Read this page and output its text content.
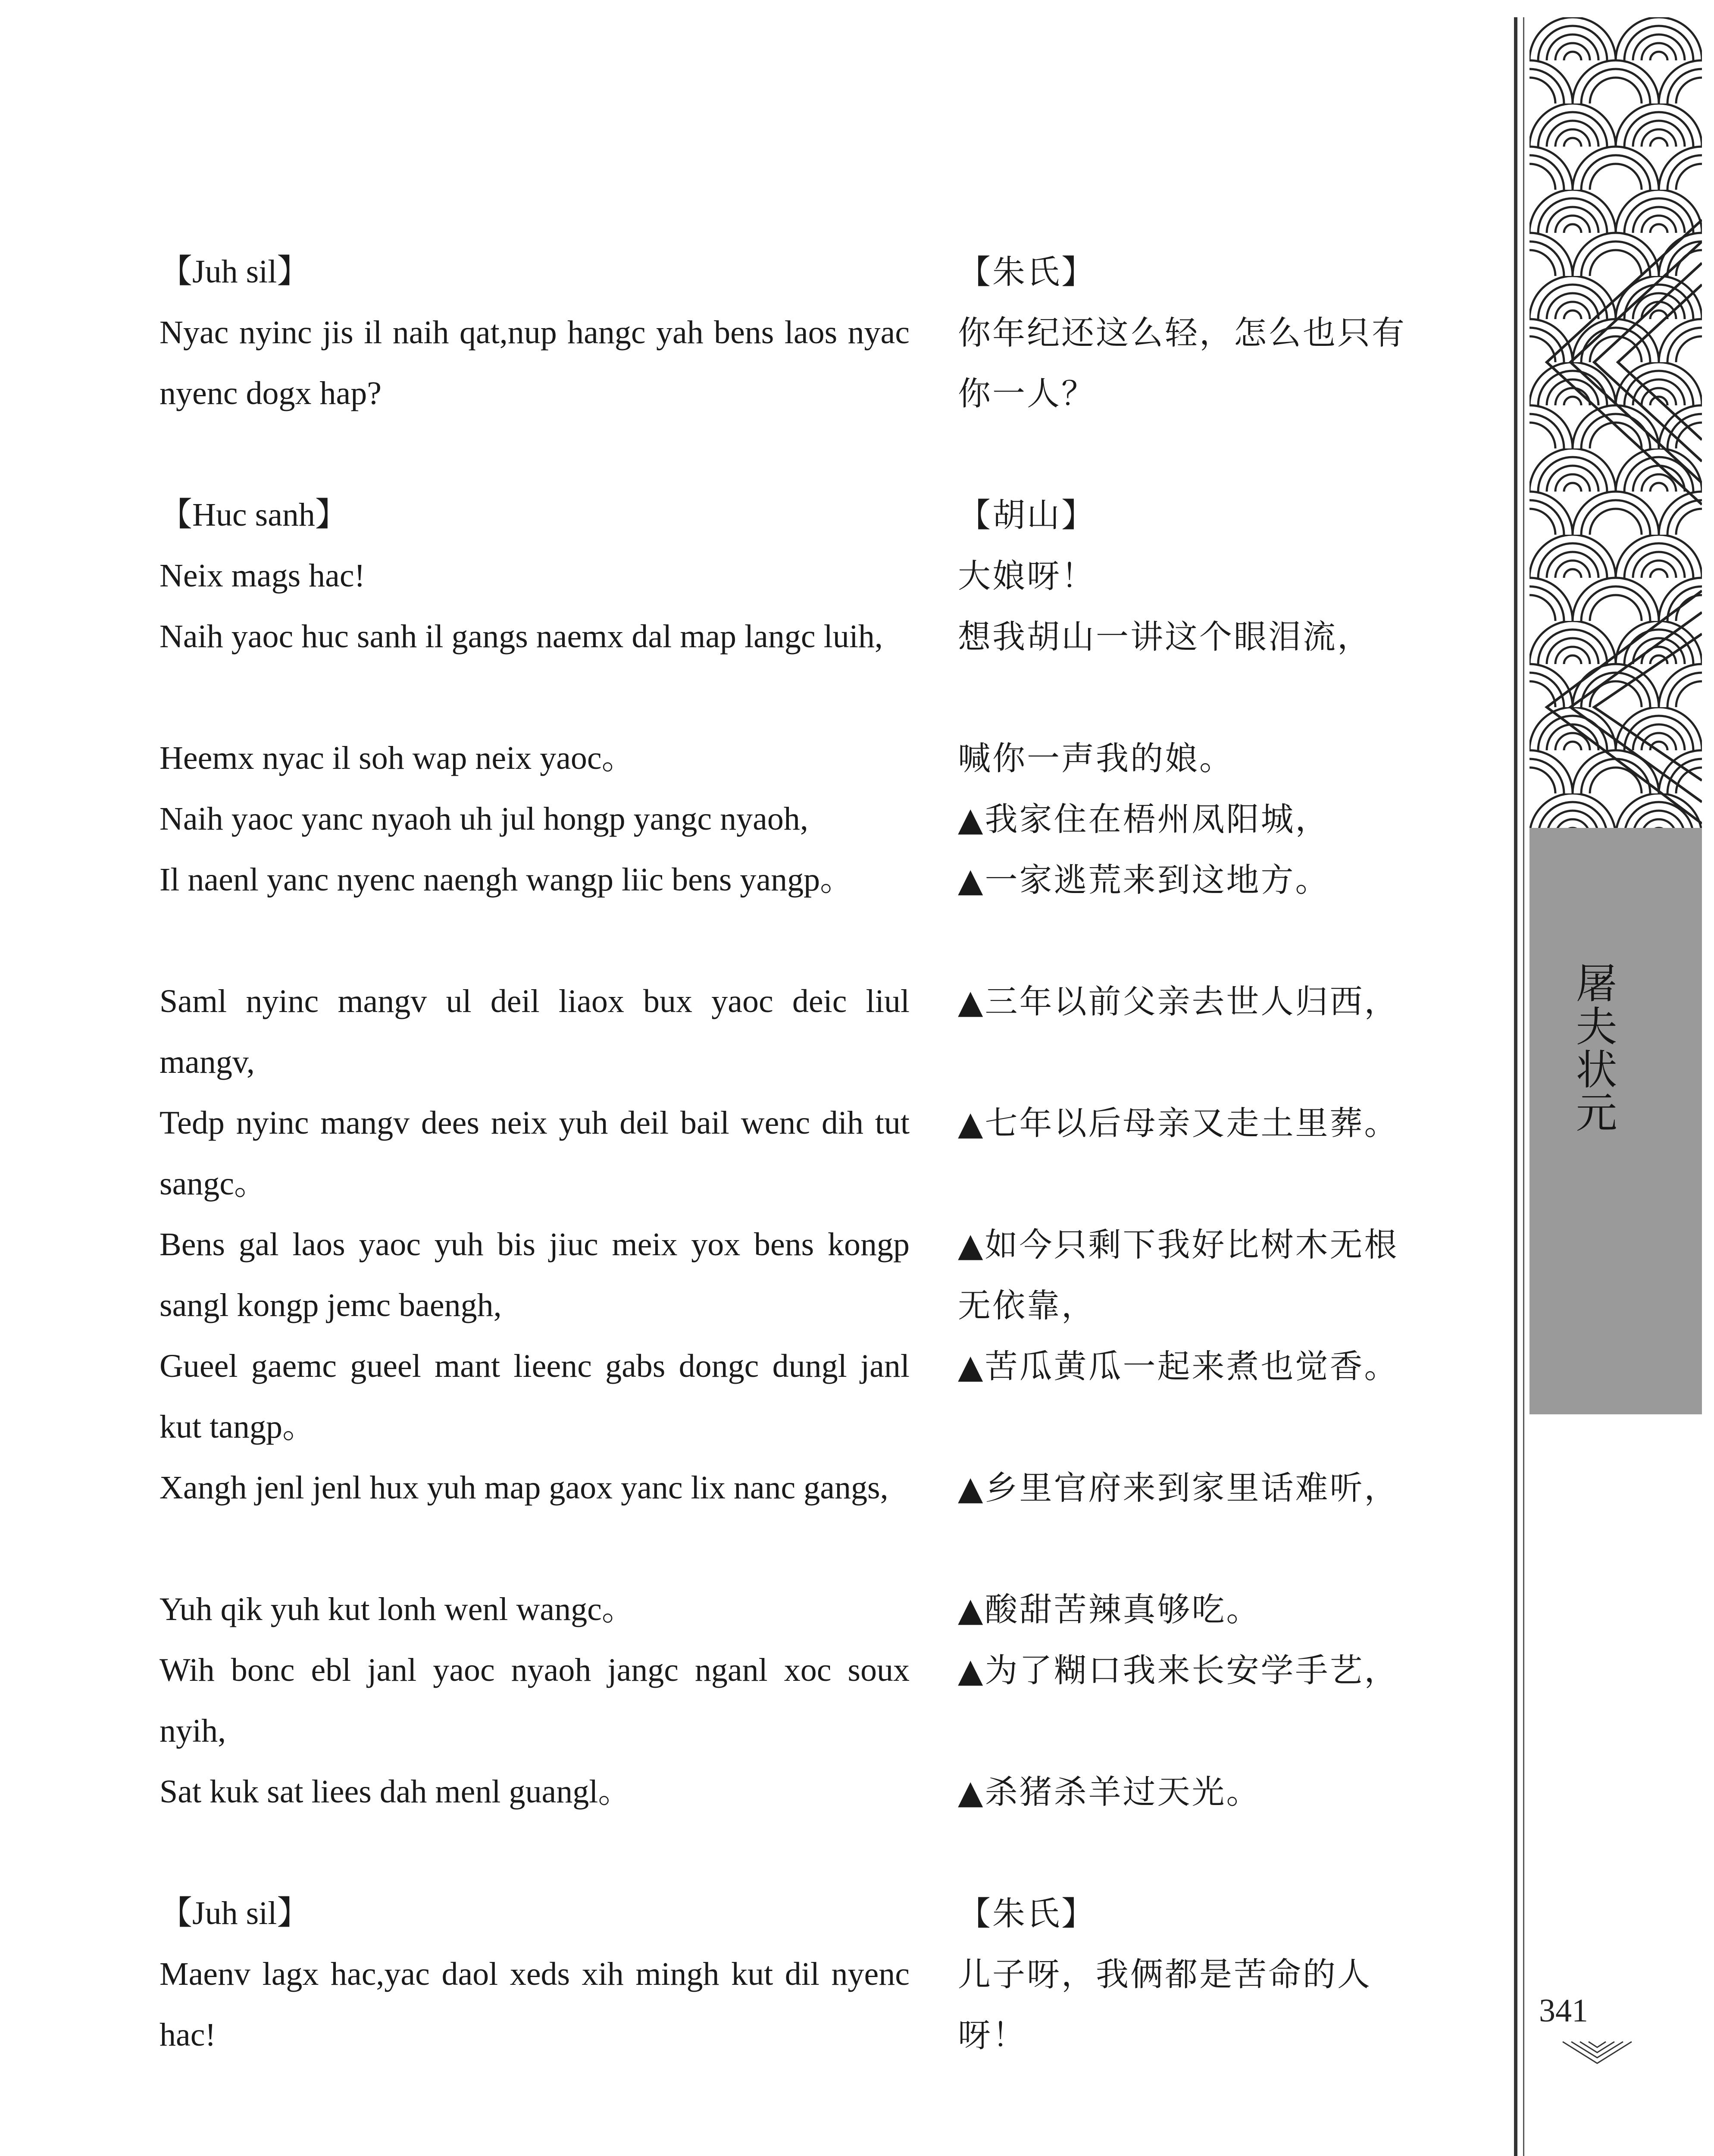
【Juh sil】
Nyac nyinc jis il naih qat,nup hangc yah bens laos nyac nyenc dogx hap?
【Huc sanh】
Neix mags hac!
Naih yaoc huc sanh il gangs naemx dal map langc luih,
Heemx nyac il soh wap neix yaoc。
Naih yaoc yanc nyaoh uh jul hongp yangc nyaoh,
Il naenl yanc nyenc naengh wangp liic bens yangp。
Saml nyinc mangv ul deil liaox bux yaoc deic liul mangv,
Tedp nyinc mangv dees neix yuh deil bail wenc dih tut sangc。
Bens gal laos yaoc yuh bis jiuc meix yox bens kongp sangl kongp jemc baengh,
Gueel gaemc gueel mant lieenc gabs dongc dungl janl kut tangp。
Xangh jenl jenl hux yuh map gaox yanc lix nanc gangs,
Yuh qik yuh kut lonh wenl wangc。
Wih bonc ebl janl yaoc nyaoh jangc nganl xoc soux nyih,
Sat kuk sat liees dah menl guangl。
【Juh sil】
Maenv lagx hac,yac daol xeds xih mingh kut dil nyenc hac!
【朱氏】
你年纪还这么轻，怎么也只有你一人？
【胡山】
大娘呀！
想我胡山一讲这个眼泪流，
喊你一声我的娘。
▲我家住在梧州凤阳城，
▲一家逃荒来到这地方。
▲三年以前父亲去世人归西，
▲七年以后母亲又走土里葬。
▲如今只剩下我好比树木无根无依靠，
▲苦瓜黄瓜一起来煮也觉香。
▲乡里官府来到家里话难听，
▲酸甜苦辣真够吃。
▲为了糊口我来长安学手艺，
▲杀猪杀羊过天光。
【朱氏】
儿子呀，我俩都是苦命的人呀！
屠夫状元
341
